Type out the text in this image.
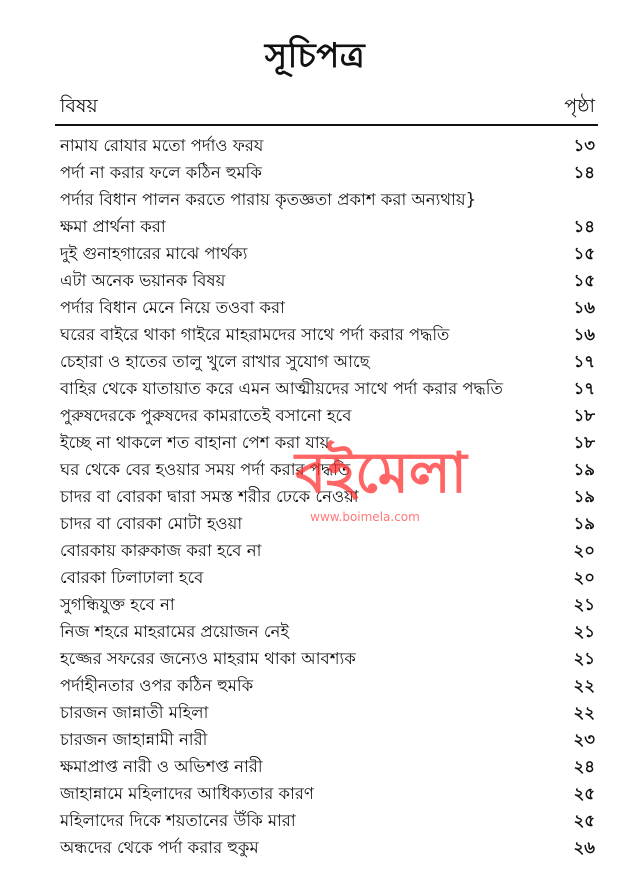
সূচিপত্র
বিষয়	পৃষ্ঠা
নামায রোযার মতো পর্দাও ফরয	১৩
পর্দা না করার ফলে কঠিন হুমকি	১৪
পর্দার বিধান পালন করতে পারায় কৃতজ্ঞতা প্রকাশ করা অন্যথায়}
ক্ষমা প্রার্থনা করা	১৪
দুই গুনাহগারের মাঝে পার্থক্য	১৫
এটা অনেক ভয়ানক বিষয়	১৫
পর্দার বিধান মেনে নিয়ে তওবা করা	১৬
ঘরের বাইরে থাকা গাইরে মাহরামদের সাথে পর্দা করার পদ্ধতি	১৬
চেহারা ও হাতের তালু খুলে রাখার সুযোগ আছে	১৭
বাহির থেকে যাতায়াত করে এমন আত্মীয়দের সাথে পর্দা করার পদ্ধতি	১৭
পুরুষদেরকে পুরুষদের কামরাতেই বসানো হবে	১৮
ইচ্ছে না থাকলে শত বাহানা পেশ করা যায়	১৮
ঘর থেকে বের হওয়ার সময় পর্দা করার পদ্ধতি	১৯
চাদর বা বোরকা দ্বারা সমস্ত শরীর ঢেকে নেওয়া	১৯
চাদর বা বোরকা মোটা হওয়া	১৯
বোরকায় কারুকাজ করা হবে না	২০
বোরকা ঢিলাঢালা হবে	২০
সুগন্ধিযুক্ত হবে না	২১
নিজ শহরে মাহরামের প্রয়োজন নেই	২১
হজ্জের সফরের জন্যেও মাহরাম থাকা আবশ্যক	২১
পর্দাহীনতার ওপর কঠিন হুমকি	২২
চারজন জান্নাতী মহিলা	২২
চারজন জাহান্নামী নারী	২৩
ক্ষমাপ্রাপ্ত নারী ও অভিশপ্ত নারী	২৪
জাহান্নামে মহিলাদের আধিক্যতার কারণ	২৫
মহিলাদের দিকে শয়তানের উঁকি মারা	২৫
অন্ধদের থেকে পর্দা করার হুকুম	২৬
বইমেলা
www.boimela.com
